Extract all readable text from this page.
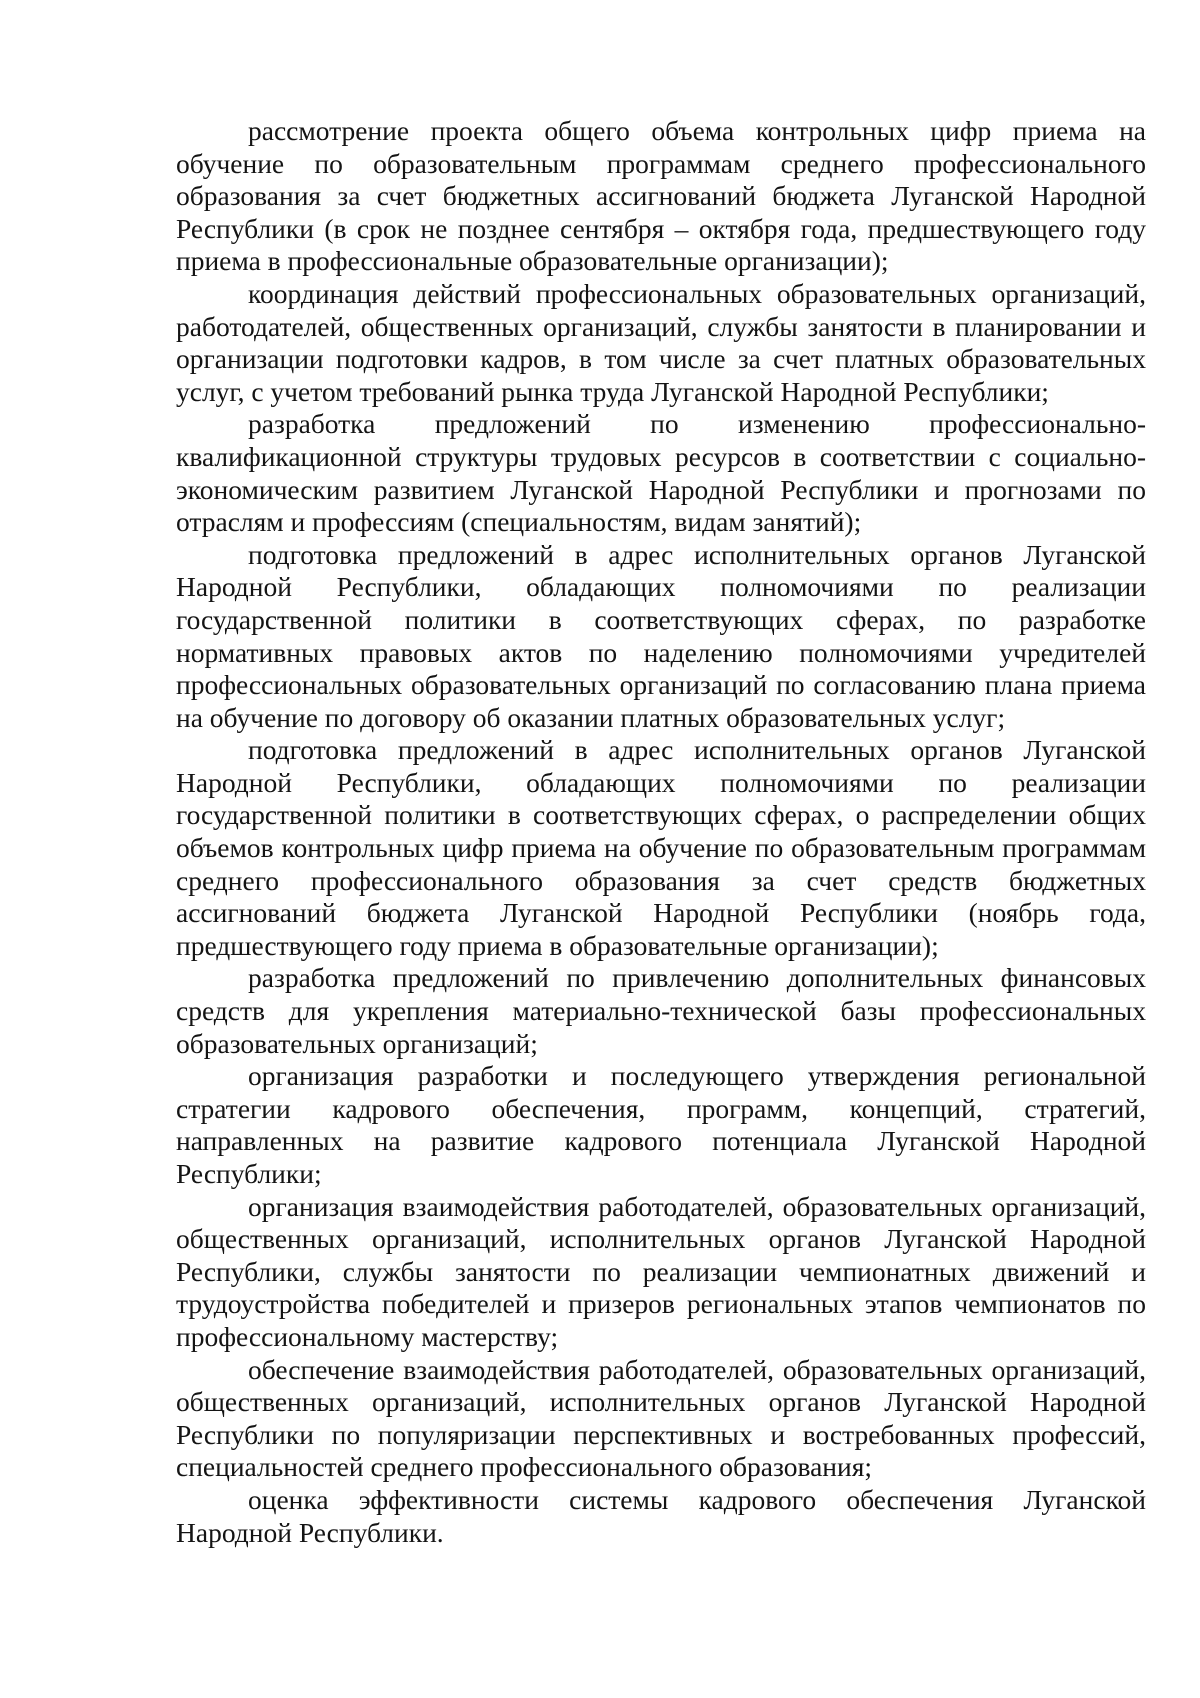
рассмотрение проекта общего объема контрольных цифр приема на обучение по образовательным программам среднего профессионального образования за счет бюджетных ассигнований бюджета Луганской Народной Республики (в срок не позднее сентября – октября года, предшествующего году приема в профессиональные образовательные организации);

координация действий профессиональных образовательных организаций, работодателей, общественных организаций, службы занятости в планировании и организации подготовки кадров, в том числе за счет платных образовательных услуг, с учетом требований рынка труда Луганской Народной Республики;

разработка предложений по изменению профессионально-квалификационной структуры трудовых ресурсов в соответствии с социально-экономическим развитием Луганской Народной Республики и прогнозами по отраслям и профессиям (специальностям, видам занятий);

подготовка предложений в адрес исполнительных органов Луганской Народной Республики, обладающих полномочиями по реализации государственной политики в соответствующих сферах, по разработке нормативных правовых актов по наделению полномочиями учредителей профессиональных образовательных организаций по согласованию плана приема на обучение по договору об оказании платных образовательных услуг;

подготовка предложений в адрес исполнительных органов Луганской Народной Республики, обладающих полномочиями по реализации государственной политики в соответствующих сферах, о распределении общих объемов контрольных цифр приема на обучение по образовательным программам среднего профессионального образования за счет средств бюджетных ассигнований бюджета Луганской Народной Республики (ноябрь года, предшествующего году приема в образовательные организации);

разработка предложений по привлечению дополнительных финансовых средств для укрепления материально-технической базы профессиональных образовательных организаций;

организация разработки и последующего утверждения региональной стратегии кадрового обеспечения, программ, концепций, стратегий, направленных на развитие кадрового потенциала Луганской Народной Республики;

организация взаимодействия работодателей, образовательных организаций, общественных организаций, исполнительных органов Луганской Народной Республики, службы занятости по реализации чемпионатных движений и трудоустройства победителей и призеров региональных этапов чемпионатов по профессиональному мастерству;

обеспечение взаимодействия работодателей, образовательных организаций, общественных организаций, исполнительных органов Луганской Народной Республики по популяризации перспективных и востребованных профессий, специальностей среднего профессионального образования;

оценка эффективности системы кадрового обеспечения Луганской Народной Республики.
